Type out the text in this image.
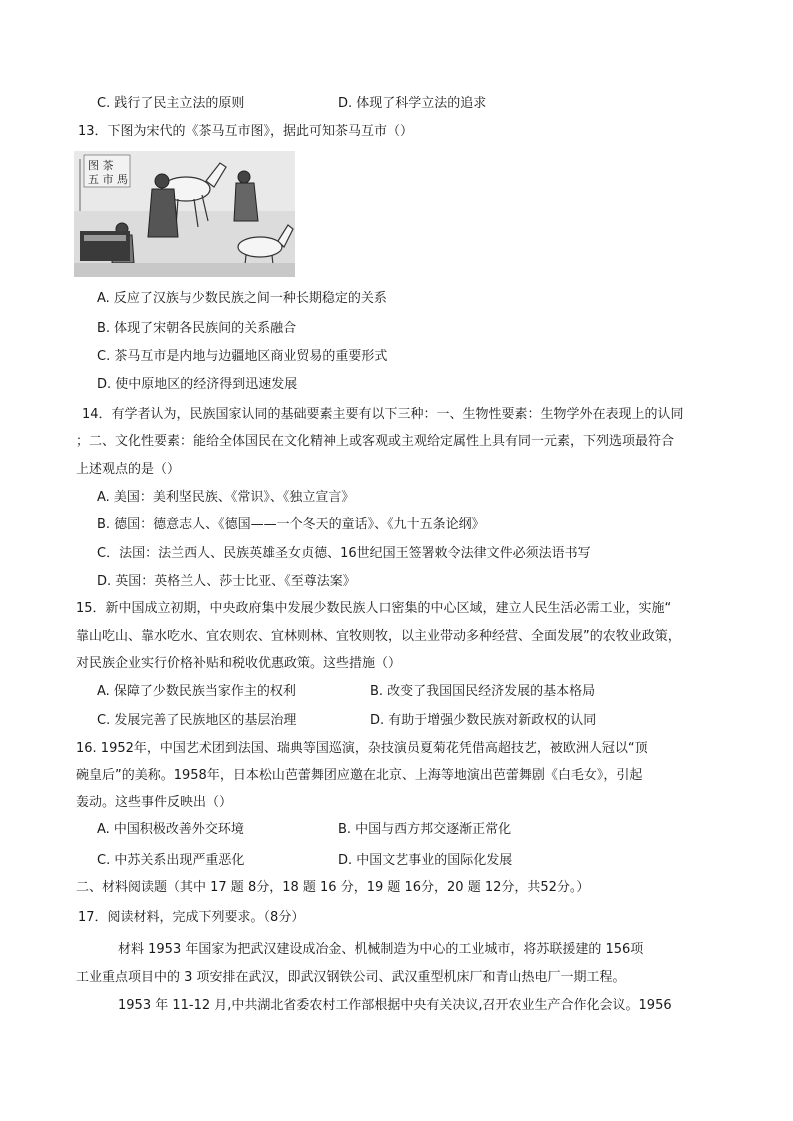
C. 践行了民主立法的原则	D. 体现了科学立法的追求
13．下图为宋代的《茶马互市图》，据此可知茶马互市（）
图 茶
五 市 馬
A. 反应了汉族与少数民族之间一种长期稳定的关系
B. 体现了宋朝各民族间的关系融合
C. 茶马互市是内地与边疆地区商业贸易的重要形式
D. 使中原地区的经济得到迅速发展
14．有学者认为，民族国家认同的基础要素主要有以下三种：一、生物性要素：生物学外在表现上的认同
；二、文化性要素：能给全体国民在文化精神上或客观或主观给定属性上具有同一元素，下列选项最符合
上述观点的是（）
A. 美国：美利坚民族、《常识》、《独立宣言》
B. 德国：德意志人、《德国——一个冬天的童话》、《九十五条论纲》
C．法国：法兰西人、民族英雄圣女贞德、16世纪国王签署敕令法律文件必须法语书写
D. 英国：英格兰人、莎士比亚、《至尊法案》
15．新中国成立初期，中央政府集中发展少数民族人口密集的中心区域，建立人民生活必需工业，实施“
靠山吃山、靠水吃水、宜农则农、宜林则林、宜牧则牧，以主业带动多种经营、全面发展”的农牧业政策，
对民族企业实行价格补贴和税收优惠政策。这些措施（）
A. 保障了少数民族当家作主的权利	B. 改变了我国国民经济发展的基本格局
C. 发展完善了民族地区的基层治理	D. 有助于增强少数民族对新政权的认同
16. 1952年，中国艺术团到法国、瑞典等国巡演，杂技演员夏菊花凭借高超技艺，被欧洲人冠以“顶
碗皇后”的美称。1958年，日本松山芭蕾舞团应邀在北京、上海等地演出芭蕾舞剧《白毛女》，引起
轰动。这些事件反映出（）
A. 中国积极改善外交环境	B. 中国与西方邦交逐渐正常化
C. 中苏关系出现严重恶化	D. 中国文艺事业的国际化发展
二、材料阅读题（其中 17 题 8分，18 题 16 分，19 题 16分，20 题 12分，共52分。）
17．阅读材料，完成下列要求。（8分）
材料 1953 年国家为把武汉建设成冶金、机械制造为中心的工业城市，将苏联援建的 156项
工业重点项目中的 3 项安排在武汉，即武汉钢铁公司、武汉重型机床厂和青山热电厂一期工程。
1953 年 11-12 月,中共湖北省委农村工作部根据中央有关决议,召开农业生产合作化会议。1956
